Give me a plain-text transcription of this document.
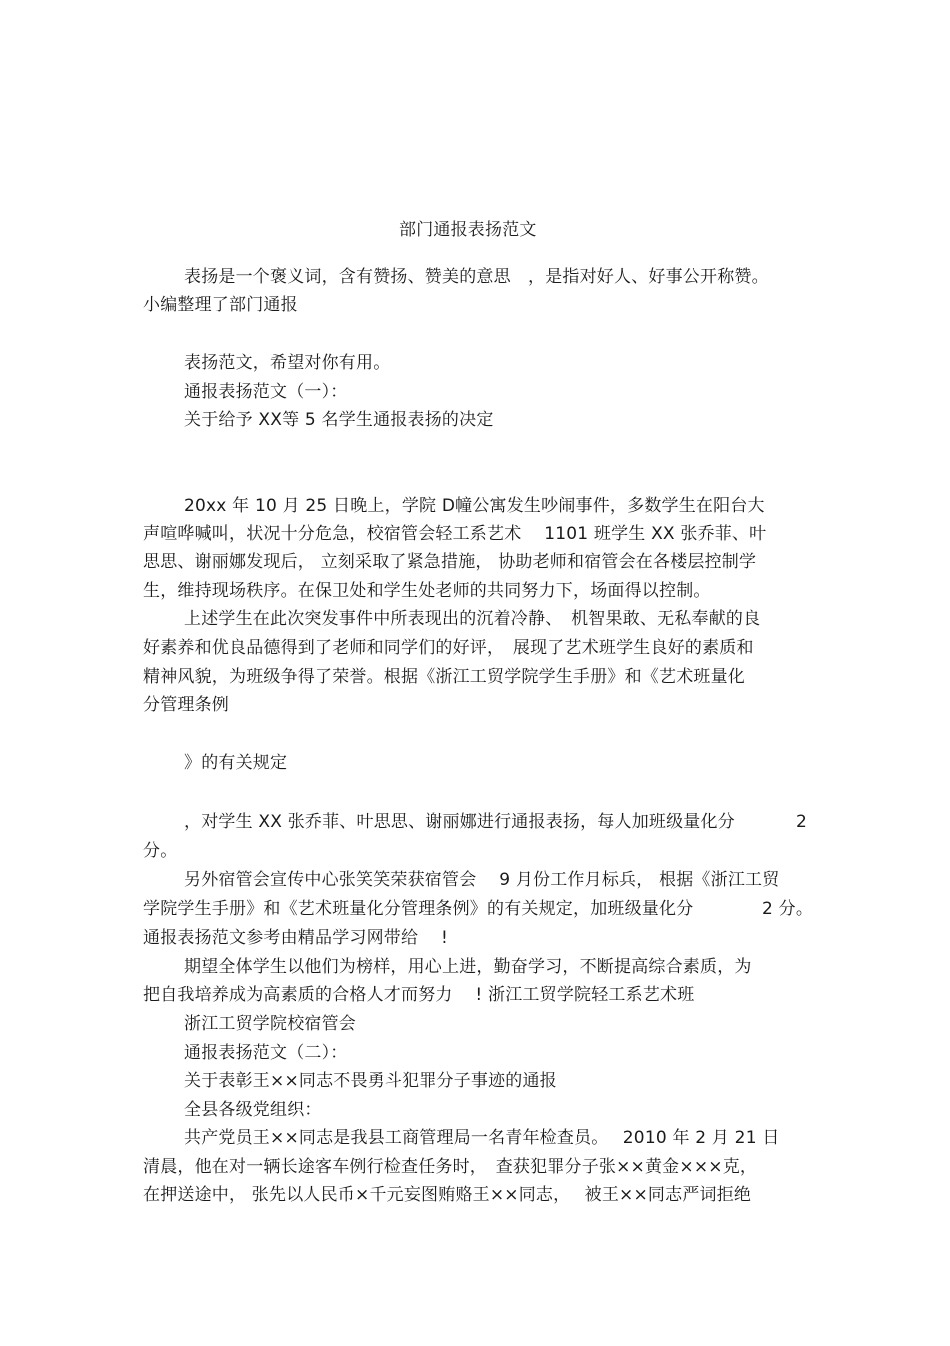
部门通报表扬范文
表扬是一个褒义词，含有赞扬、赞美的意思　，是指对好人、好事公开称赞。
小编整理了部门通报
表扬范文，希望对你有用。
通报表扬范文（一）：
关于给予 XX等 5 名学生通报表扬的决定
20xx 年 10 月 25 日晚上，学院 D幢公寓发生吵闹事件，多数学生在阳台大
声喧哗喊叫，状况十分危急，校宿管会轻工系艺术　 1101 班学生 XX 张乔菲、叶
思思、谢丽娜发现后， 立刻采取了紧急措施， 协助老师和宿管会在各楼层控制学
生，维持现场秩序。在保卫处和学生处老师的共同努力下，场面得以控制。
上述学生在此次突发事件中所表现出的沉着冷静、　机智果敢、无私奉献的良
好素养和优良品德得到了老师和同学们的好评，　展现了艺术班学生良好的素质和
精神风貌，为班级争得了荣誉。根据《浙江工贸学院学生手册》和《艺术班量化
分管理条例
》的有关规定
，对学生 XX 张乔菲、叶思思、谢丽娜进行通报表扬，每人加班级量化分	2
分。
另外宿管会宣传中心张笑笑荣获宿管会　 9 月份工作月标兵， 根据《浙江工贸
学院学生手册》和《艺术班量化分管理条例》的有关规定，加班级量化分	2 分。
通报表扬范文参考由精品学习网带给　 !
期望全体学生以他们为榜样，用心上进，勤奋学习，不断提高综合素质，为
把自我培养成为高素质的合格人才而努力　 ! 浙江工贸学院轻工系艺术班
浙江工贸学院校宿管会
通报表扬范文（二）：
关于表彰王××同志不畏勇斗犯罪分子事迹的通报
全县各级党组织：
共产党员王××同志是我县工商管理局一名青年检查员。　 2010 年 2 月 21 日
清晨，他在对一辆长途客车例行检查任务时，　查获犯罪分子张××黄金×××克，
在押送途中， 张先以人民币×千元妄图贿赂王××同志，　 被王××同志严词拒绝
